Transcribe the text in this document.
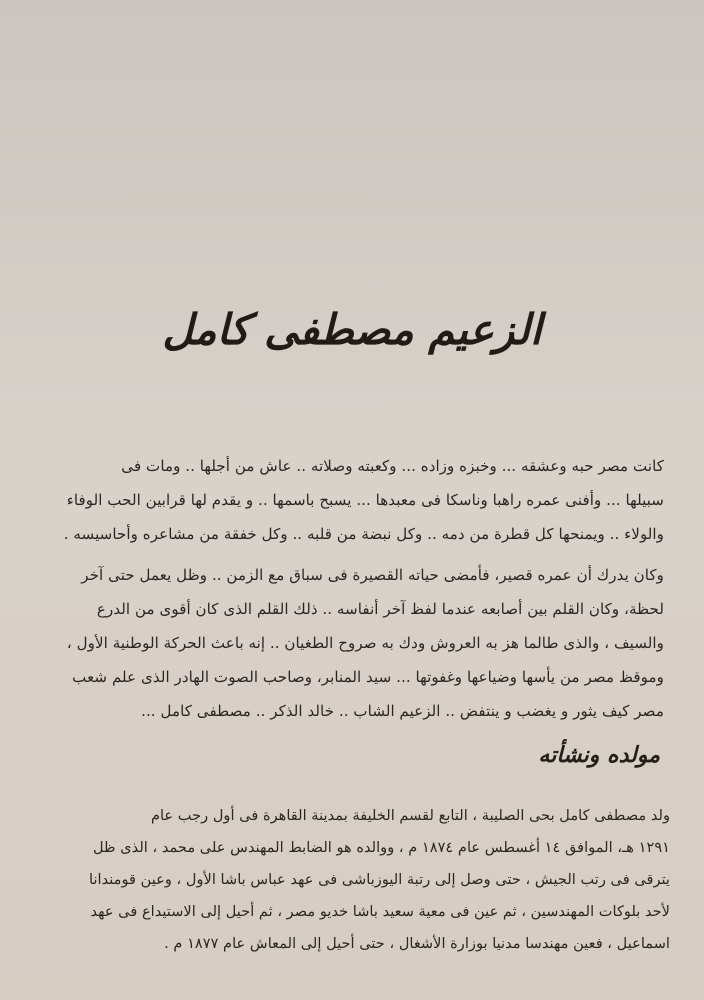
الزعيم مصطفى كامل

كانت مصر حبه وعشقه ... وخبزه وزاده ... وكعبته وصلاته .. عاش من أجلها .. ومات فى
سبيلها ... وأفنى عمره راهبا وناسكا فى معبدها ... يسبح باسمها .. و يقدم لها قرابين الحب الوفاء
والولاء .. ويمنحها كل قطرة من دمه .. وكل نبضة من قلبه .. وكل خفقة من مشاعره وأحاسيسه .

وكان يدرك أن عمره قصير، فأمضى حياته القصيرة فى سباق مع الزمن .. وظل يعمل حتى آخر
لحظة، وكان القلم بين أصابعه عندما لفظ آخر أنفاسه .. ذلك القلم الذى كان أقوى من الدرع
والسيف ، والذى طالما هز به العروش ودك به صروح الطغيان .. إنه باعث الحركة الوطنية الأول ،
وموقظ مصر من يأسها وضياعها وغفوتها ... سيد المنابر، وصاحب الصوت الهادر الذى علم شعب
مصر كيف يثور و يغضب و ينتفض .. الزعيم الشاب .. خالد الذكر .. مصطفى كامل ...

مولده ونشأته

ولد مصطفى كامل بحى الصليبة ، التابع لقسم الخليفة بمدينة القاهرة فى أول رجب عام
١٢٩١ هـ، الموافق ١٤ أغسطس عام ١٨٧٤ م ، ووالده هو الضابط المهندس على محمد ، الذى ظل
يترقى فى رتب الجيش ، حتى وصل إلى رتبة اليوزباشى فى عهد عباس باشا الأول ، وعين قومندانا
لأحد بلوكات المهندسين ، ثم عين فى معية سعيد باشا خديو مصر ، ثم أحيل إلى الاستيداع فى عهد
اسماعيل ، فعين مهندسا مدنيا بوزارة الأشغال ، حتى أحيل إلى المعاش عام ١٨٧٧ م .
